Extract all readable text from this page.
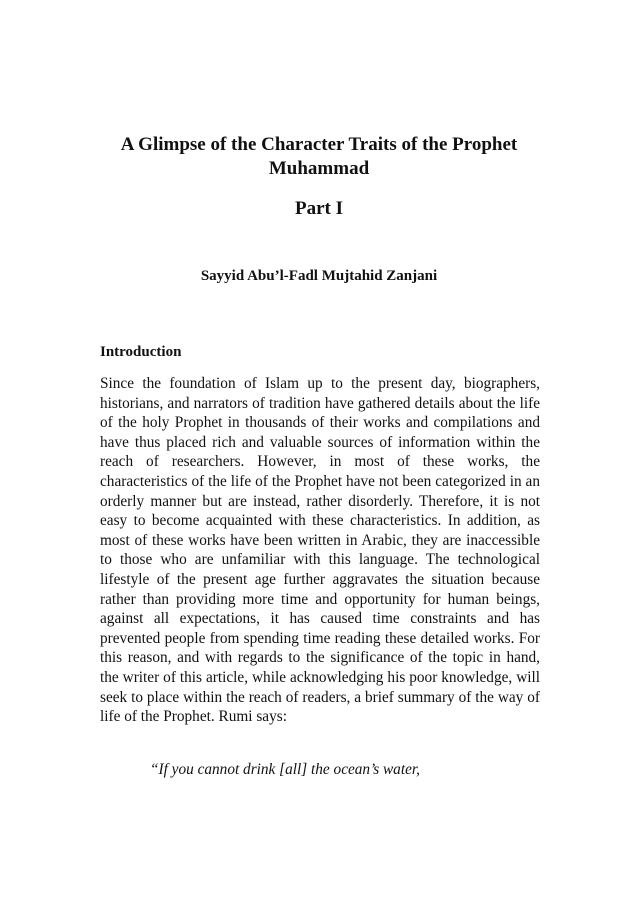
A Glimpse of the Character Traits of the Prophet
Muhammad
Part I

Sayyid Abu’l-Fadl Mujtahid Zanjani

Introduction

Since the foundation of Islam up to the present day, biographers, historians, and narrators of tradition have gathered details about the life of the holy Prophet in thousands of their works and compilations and have thus placed rich and valuable sources of information within the reach of researchers. However, in most of these works, the characteristics of the life of the Prophet have not been categorized in an orderly manner but are instead, rather disorderly. Therefore, it is not easy to become acquainted with these characteristics. In addition, as most of these works have been written in Arabic, they are inaccessible to those who are unfamiliar with this language. The technological lifestyle of the present age further aggravates the situation because rather than providing more time and opportunity for human beings, against all expectations, it has caused time constraints and has prevented people from spending time reading these detailed works. For this reason, and with regards to the significance of the topic in hand, the writer of this article, while acknowledging his poor knowledge, will seek to place within the reach of readers, a brief summary of the way of life of the Prophet. Rumi says:

“If you cannot drink [all] the ocean’s water,
